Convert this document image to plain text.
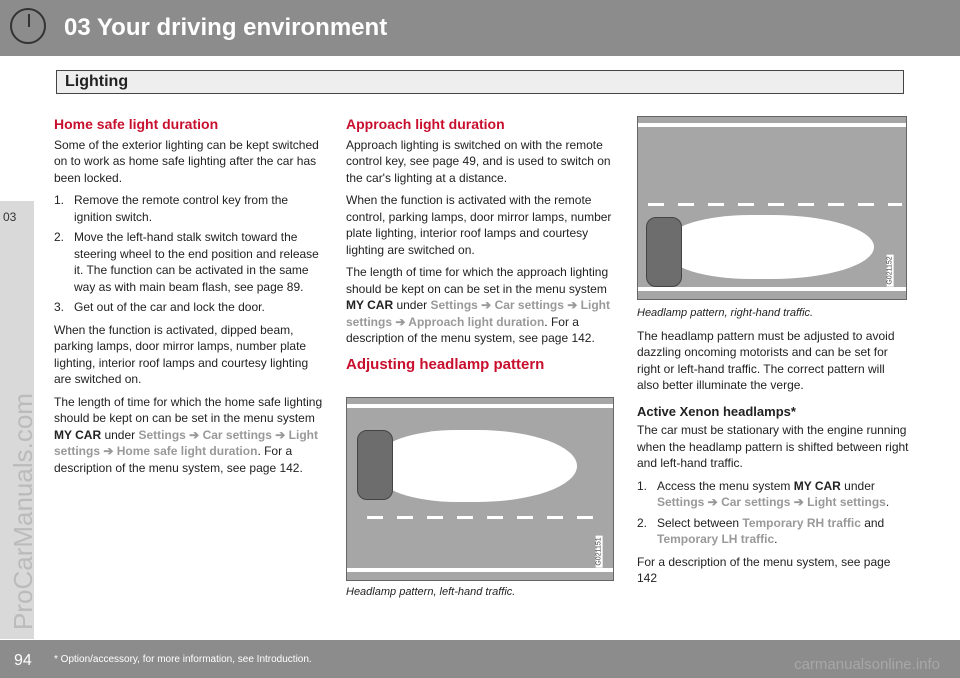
03 Your driving environment
Lighting
03
ProCarManuals.com
Home safe light duration

Some of the exterior lighting can be kept switched on to work as home safe lighting after the car has been locked.

1. Remove the remote control key from the ignition switch.
2. Move the left-hand stalk switch toward the steering wheel to the end position and release it. The function can be activated in the same way as with main beam flash, see page 89.
3. Get out of the car and lock the door.

When the function is activated, dipped beam, parking lamps, door mirror lamps, number plate lighting, interior roof lamps and courtesy lighting are switched on.

The length of time for which the home safe lighting should be kept on can be set in the menu system MY CAR under Settings ➔ Car settings ➔ Light settings ➔ Home safe light duration. For a description of the menu system, see page 142.

Approach light duration

Approach lighting is switched on with the remote control key, see page 49, and is used to switch on the car's lighting at a distance.

When the function is activated with the remote control, parking lamps, door mirror lamps, number plate lighting, interior roof lamps and courtesy lighting are switched on.

The length of time for which the approach lighting should be kept on can be set in the menu system MY CAR under Settings ➔ Car settings ➔ Light settings ➔ Approach light duration. For a description of the menu system, see page 142.

Adjusting headlamp pattern
G021151
Headlamp pattern, left-hand traffic.
G021152
Headlamp pattern, right-hand traffic.

The headlamp pattern must be adjusted to avoid dazzling oncoming motorists and can be set for right or left-hand traffic. The correct pattern will also better illuminate the verge.

Active Xenon headlamps*

The car must be stationary with the engine running when the headlamp pattern is shifted between right and left-hand traffic.

1. Access the menu system MY CAR under Settings ➔ Car settings ➔ Light settings.
2. Select between Temporary RH traffic and Temporary LH traffic.

For a description of the menu system, see page 142

94 * Option/accessory, for more information, see Introduction.	carmanualsonline.info
